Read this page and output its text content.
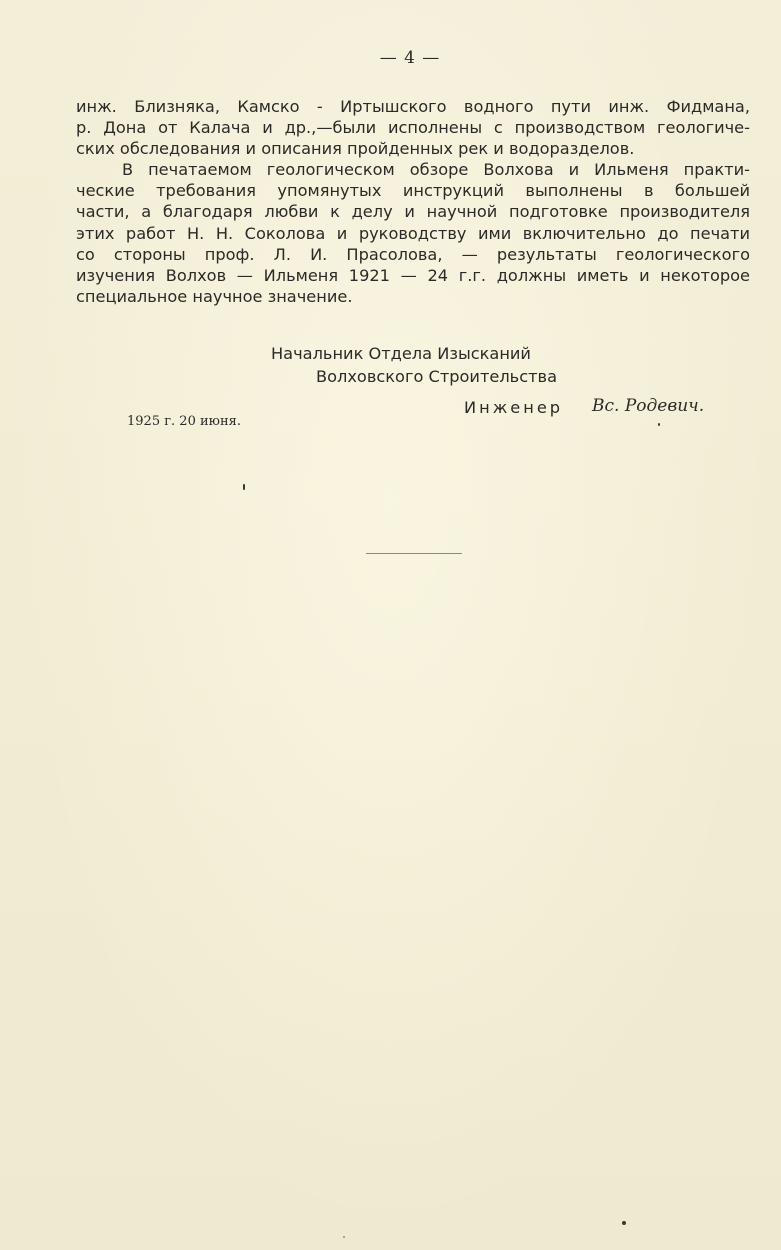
— 4 —
инж. Близняка, Камско - Иртышского водного пути инж. Фидмана,
р. Дона от Калача и др.,—были исполнены с производством геологиче-
ских обследования и описания пройденных рек и водоразделов.
В печатаемом геологическом обзоре Волхова и Ильменя практи-
ческие требования упомянутых инструкций выполнены в большей
части, а благодаря любви к делу и научной подготовке производителя
этих работ Н. Н. Соколова и руководству ими включительно до печати
со стороны проф. Л. И. Прасолова, — результаты геологического
изучения Волхов — Ильменя 1921 — 24 г.г. должны иметь и некоторое
специальное научное значение.
Начальник Отдела Изысканий
Волховского Строительства
Инженер Вс. Родевич.
1925 г. 20 июня.
